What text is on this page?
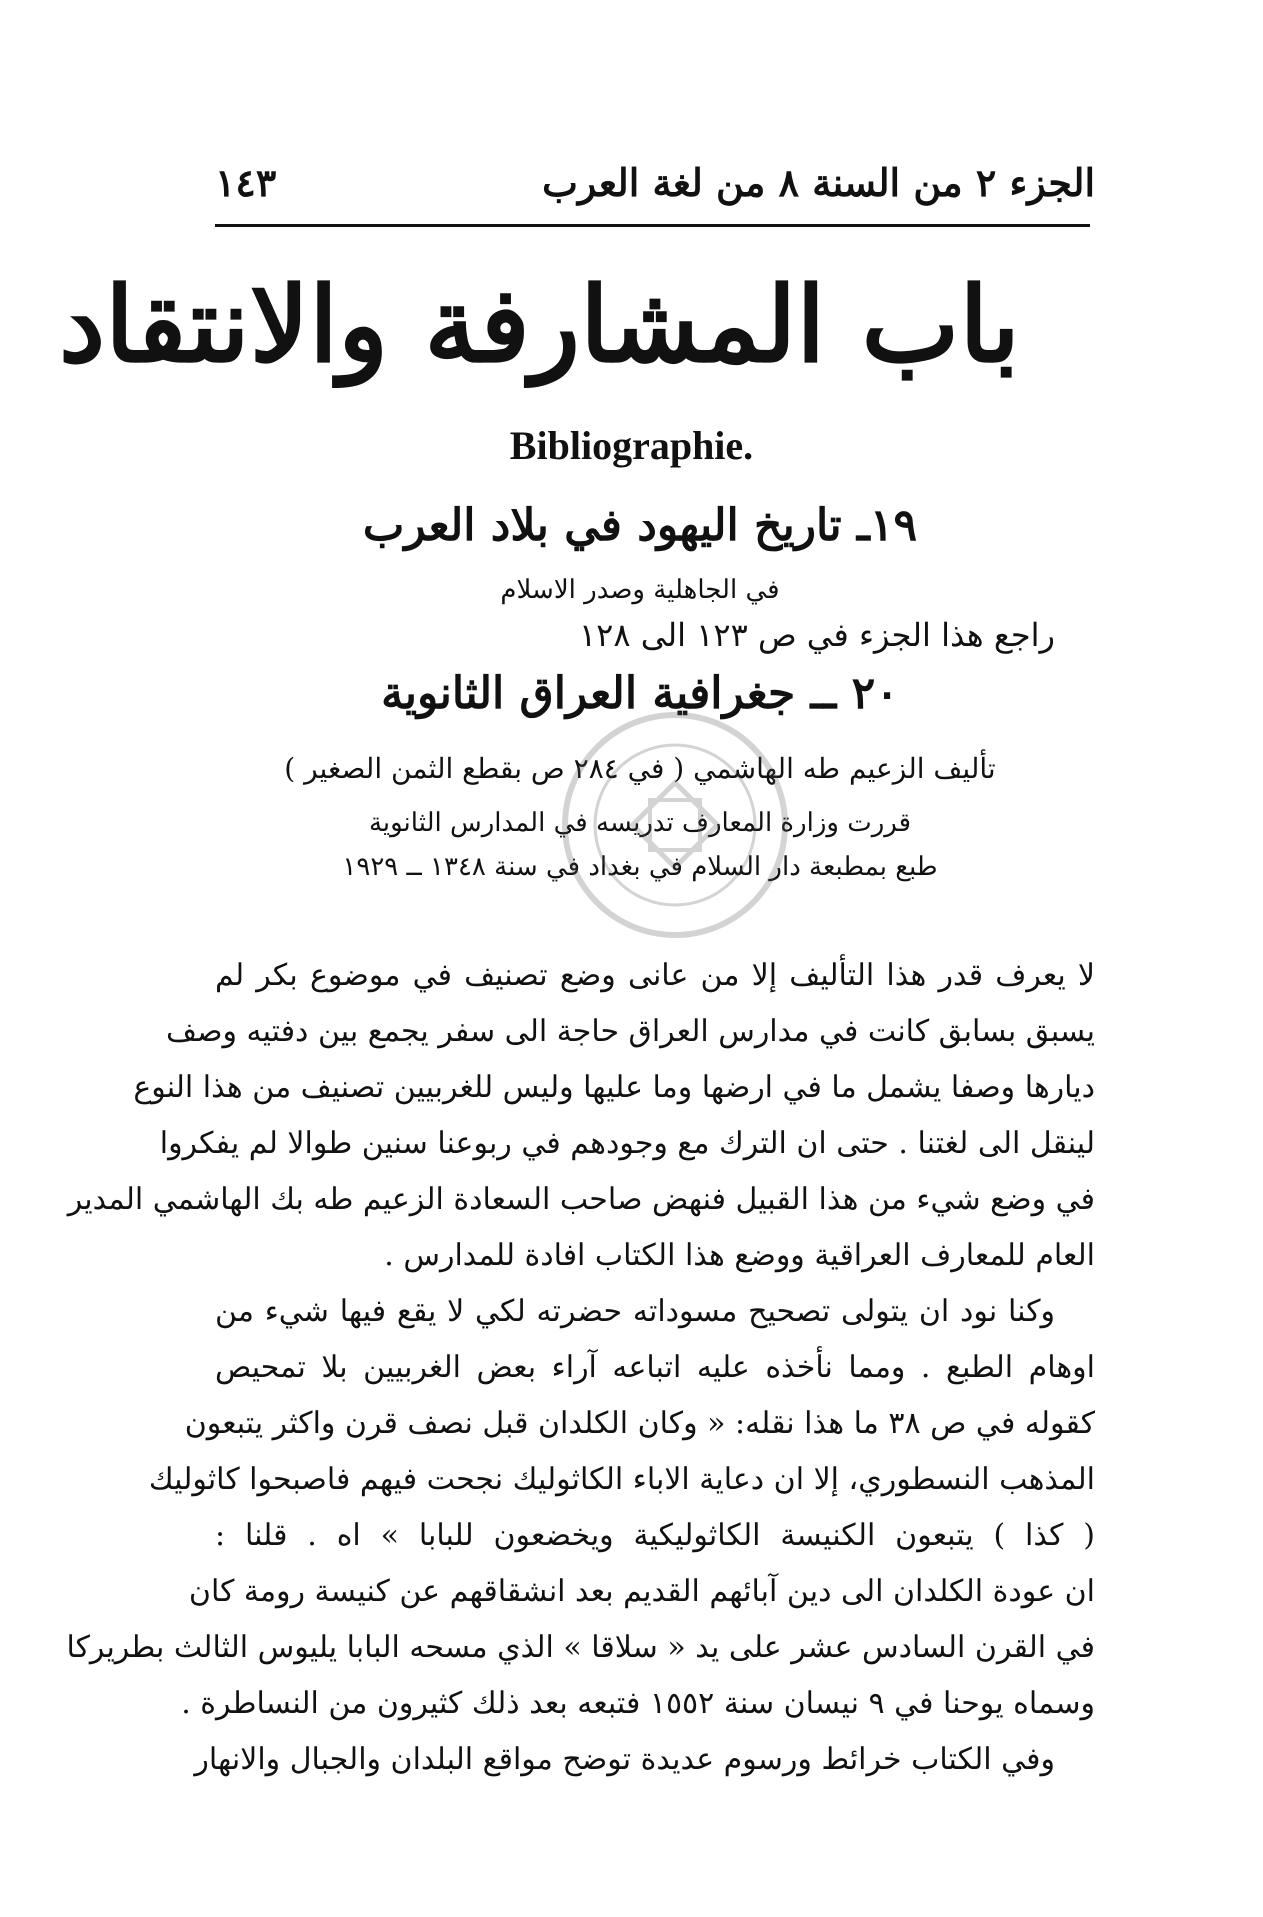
الجزء ٢ من السنة ٨ من لغة العرب
١٤٣
باب المشارفة والانتقاد
Bibliographie.
١٩ـ تاريخ اليهود في بلاد العرب
في الجاهلية وصدر الاسلام
راجع هذا الجزء في ص ١٢٣ الى ١٢٨
٢٠ ــ جغرافية العراق الثانوية
تأليف الزعيم طه الهاشمي ( في ٢٨٤ ص بقطع الثمن الصغير )
قررت وزارة المعارف تدريسه في المدارس الثانوية
طبع بمطبعة دار السلام في بغداد في سنة ١٣٤٨ ــ ١٩٢٩
لا يعرف قدر هذا التأليف إلا من عانى وضع تصنيف في موضوع بكر لم
يسبق بسابق كانت في مدارس العراق حاجة الى سفر يجمع بين دفتيه وصف
ديارها وصفا يشمل ما في ارضها وما عليها وليس للغربيين تصنيف من هذا النوع
لينقل الى لغتنا . حتى ان الترك مع وجودهم في ربوعنا سنين طوالا لم يفكروا
في وضع شيء من هذا القبيل فنهض صاحب السعادة الزعيم طه بك الهاشمي المدير
العام للمعارف العراقية ووضع هذا الكتاب افادة للمدارس .
وكنا نود ان يتولى تصحيح مسوداته حضرته لكي لا يقع فيها شيء من
اوهام الطبع . ومما نأخذه عليه اتباعه آراء بعض الغربيين بلا تمحيص
كقوله في ص ٣٨ ما هذا نقله: « وكان الكلدان قبل نصف قرن واكثر يتبعون
المذهب النسطوري، إلا ان دعاية الاباء الكاثوليك نجحت فيهم فاصبحوا كاثوليك
( كذا ) يتبعون الكنيسة الكاثوليكية ويخضعون للبابا » اه . قلنا :
ان عودة الكلدان الى دين آبائهم القديم بعد انشقاقهم عن كنيسة رومة كان
في القرن السادس عشر على يد « سلاقا » الذي مسحه البابا يليوس الثالث بطريركا
وسماه يوحنا في ٩ نيسان سنة ١٥٥٢ فتبعه بعد ذلك كثيرون من النساطرة .
وفي الكتاب خرائط ورسوم عديدة توضح مواقع البلدان والجبال والانهار
